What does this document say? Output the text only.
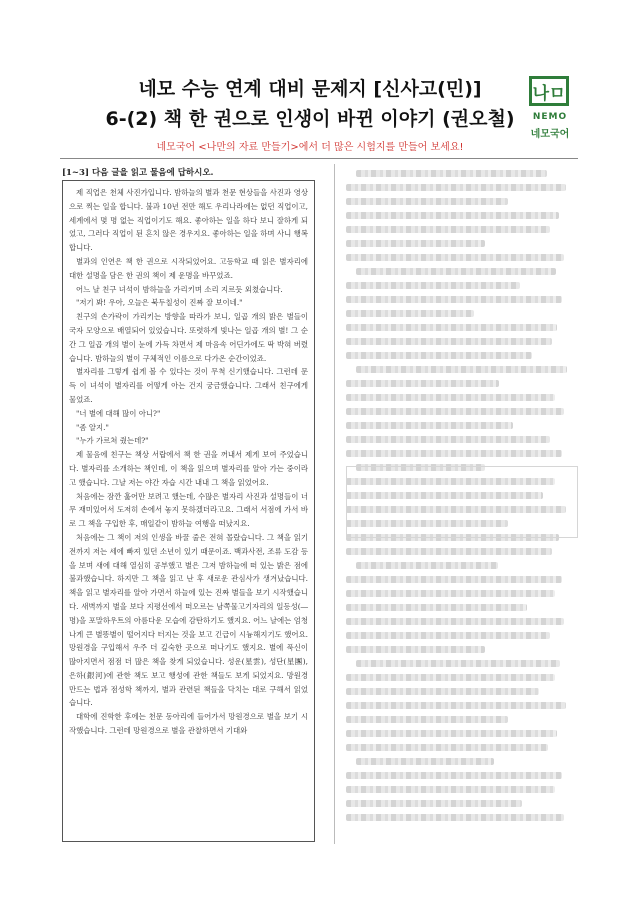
네모 수능 연계 대비 문제지 [신사고(민)]
6-(2) 책 한 권으로 인생이 바뀐 이야기 (권오철)
네모국어 <나만의 자료 만들기>에서 더 많은 시험지를 만들어 보세요!
나ㅁ
NEMO
네모국어
[1~3] 다음 글을 읽고 물음에 답하시오.

제 직업은 천체 사진가입니다. 밤하늘의 별과 천문 현상들을 사진과 영상으로 찍는 일을 합니다. 불과 10년 전만 해도 우리나라에는 없던 직업이고, 세계에서 몇 명 없는 직업이기도 해요. 좋아하는 일을 하다 보니 잘하게 되었고, 그러다 직업이 된 흔치 않은 경우지요. 좋아하는 일을 하며 사니 행복합니다.

별과의 인연은 책 한 권으로 시작되었어요. 고등학교 때 읽은 별자리에 대한 설명을 담은 한 권의 책이 제 운명을 바꾸었죠.

어느 날 친구 녀석이 밤하늘을 가리키며 소리 지르듯 외쳤습니다.

"저기 봐! 우아, 오늘은 북두칠성이 진짜 잘 보이네."

친구의 손가락이 가리키는 방향을 따라가 보니, 일곱 개의 밝은 별들이 국자 모양으로 배열되어 있었습니다. 또렷하게 빛나는 일곱 개의 별! 그 순간 그 일곱 개의 별이 눈에 가득 차면서 제 마음속 어딘가에도 딱 박혀 버렸습니다. 밤하늘의 별이 구체적인 이름으로 다가온 순간이었죠.

별자리를 그렇게 쉽게 볼 수 있다는 것이 무척 신기했습니다. 그런데 문득 이 녀석이 별자리를 어떻게 아는 건지 궁금했습니다. 그래서 친구에게 물었죠.

"너 별에 대해 많이 아니?"

"좀 알지."

"누가 가르쳐 줬는데?"

제 물음에 친구는 책상 서랍에서 책 한 권을 꺼내서 제게 보여 주었습니다. 별자리를 소개하는 책인데, 이 책을 읽으며 별자리를 알아 가는 중이라고 했습니다. 그날 저는 야간 자습 시간 내내 그 책을 읽었어요.

처음에는 잠깐 훑어만 보려고 했는데, 수많은 별자리 사진과 설명들이 너무 재미있어서 도저히 손에서 놓지 못하겠더라고요. 그래서 서점에 가서 바로 그 책을 구입한 후, 매일같이 밤하늘 여행을 떠났지요.

처음에는 그 책이 저의 인생을 바꿀 줄은 전혀 몰랐습니다. 그 책을 읽기 전까지 저는 세에 빠져 있던 소년이 있기 때문이죠. 백과사전, 조류 도감 등을 보며 새에 대해 열심히 공부했고 별은 그저 밤하늘에 떠 있는 밝은 점에 불과했습니다. 하지만 그 책을 읽고 난 후 새로운 관심사가 생겨났습니다. 책을 읽고 별자리를 알아 가면서 하늘에 있는 진짜 별들을 보기 시작했습니다. 새벽까지 별을 보다 지평선에서 떠오르는 남쪽물고기자리의 일등성(―명)을 포말하우트의 아름다운 모습에 감탄하기도 했지요. 어느 날에는 엄청나게 큰 별똥별이 떨어지다 터지는 것을 보고 긴급이 시늉해지기도 했어요. 망원경을 구입해서 우주 더 깊숙한 곳으로 떠나기도 했지요. 별에 푹신이 많아지면서 점점 더 많은 책을 찾게 되었습니다. 성운(星雲), 성단(星團), 은하(銀河)에 관한 책도 보고 행성에 관한 책들도 보게 되었지요. 망원경 만드는 법과 점성학 책까지, 별과 관련된 책들을 닥치는 대로 구해서 읽었습니다.

대학에 진학한 후에는 천문 동아리에 들어가서 망원경으로 별을 보기 시작했습니다. 그런데 망원경으로 별을 관찰하면서 기대와
